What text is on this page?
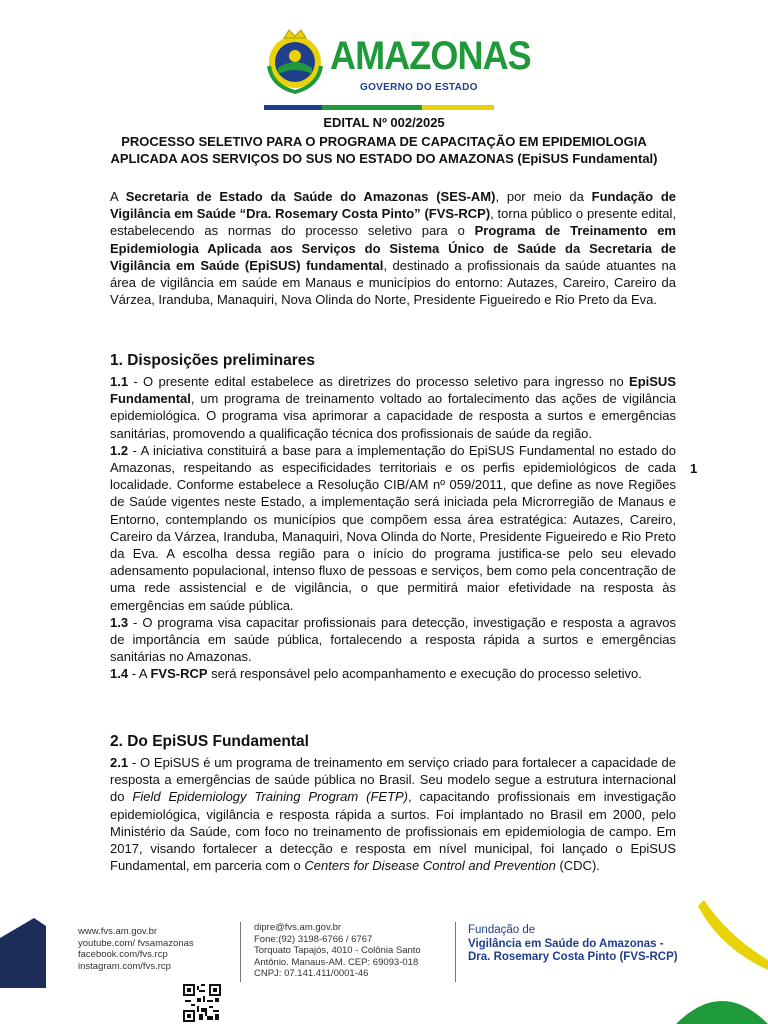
AMAZONAS
GOVERNO DO ESTADO
EDITAL Nº 002/2025
PROCESSO SELETIVO PARA O PROGRAMA DE CAPACITAÇÃO EM EPIDEMIOLOGIA
APLICADA AOS SERVIÇOS DO SUS NO ESTADO DO AMAZONAS (EpiSUS Fundamental)
A Secretaria de Estado da Saúde do Amazonas (SES-AM), por meio da Fundação de Vigilância em Saúde “Dra. Rosemary Costa Pinto” (FVS-RCP), torna público o presente edital, estabelecendo as normas do processo seletivo para o Programa de Treinamento em Epidemiologia Aplicada aos Serviços do Sistema Único de Saúde da Secretaria de Vigilância em Saúde (EpiSUS) fundamental, destinado a profissionais da saúde atuantes na área de vigilância em saúde em Manaus e municípios do entorno: Autazes, Careiro, Careiro da Várzea, Iranduba, Manaquiri, Nova Olinda do Norte, Presidente Figueiredo e Rio Preto da Eva.
1. Disposições preliminares

1.1 - O presente edital estabelece as diretrizes do processo seletivo para ingresso no EpiSUS Fundamental, um programa de treinamento voltado ao fortalecimento das ações de vigilância epidemiológica. O programa visa aprimorar a capacidade de resposta a surtos e emergências sanitárias, promovendo a qualificação técnica dos profissionais de saúde da região.

1.2 - A iniciativa constituirá a base para a implementação do EpiSUS Fundamental no estado do Amazonas, respeitando as especificidades territoriais e os perfis epidemiológicos de cada localidade. Conforme estabelece a Resolução CIB/AM nº 059/2011, que define as nove Regiões de Saúde vigentes neste Estado, a implementação será iniciada pela Microrregião de Manaus e Entorno, contemplando os municípios que compõem essa área estratégica: Autazes, Careiro, Careiro da Várzea, Iranduba, Manaquiri, Nova Olinda do Norte, Presidente Figueiredo e Rio Preto da Eva. A escolha dessa região para o início do programa justifica-se pelo seu elevado adensamento populacional, intenso fluxo de pessoas e serviços, bem como pela concentração de uma rede assistencial e de vigilância, o que permitirá maior efetividade na resposta às emergências em saúde pública.

1.3 - O programa visa capacitar profissionais para detecção, investigação e resposta a agravos de importância em saúde pública, fortalecendo a resposta rápida a surtos e emergências sanitárias no Amazonas.

1.4 - A FVS-RCP será responsável pelo acompanhamento e execução do processo seletivo.

1
2. Do EpiSUS Fundamental

2.1 - O EpiSUS é um programa de treinamento em serviço criado para fortalecer a capacidade de resposta a emergências de saúde pública no Brasil. Seu modelo segue a estrutura internacional do Field Epidemiology Training Program (FETP), capacitando profissionais em investigação epidemiológica, vigilância e resposta rápida a surtos. Foi implantado no Brasil em 2000, pelo Ministério da Saúde, com foco no treinamento de profissionais em epidemiologia de campo. Em 2017, visando fortalecer a detecção e resposta em nível municipal, foi lançado o EpiSUS Fundamental, em parceria com o Centers for Disease Control and Prevention (CDC).

www.fvs.am.gov.br
youtube.com/ fvsamazonas
facebook.com/fvs.rcp
instagram.com/fvs.rcp
dipre@fvs.am.gov.br
Fone:(92) 3198-6766 / 6767
Torquato Tapajós, 4010 - Colônia Santo
Antônio. Manaus-AM. CEP: 69093-018
CNPJ: 07.141.411/0001-46
Fundação de
Vigilância em Saúde do Amazonas -
Dra. Rosemary Costa Pinto (FVS-RCP)
